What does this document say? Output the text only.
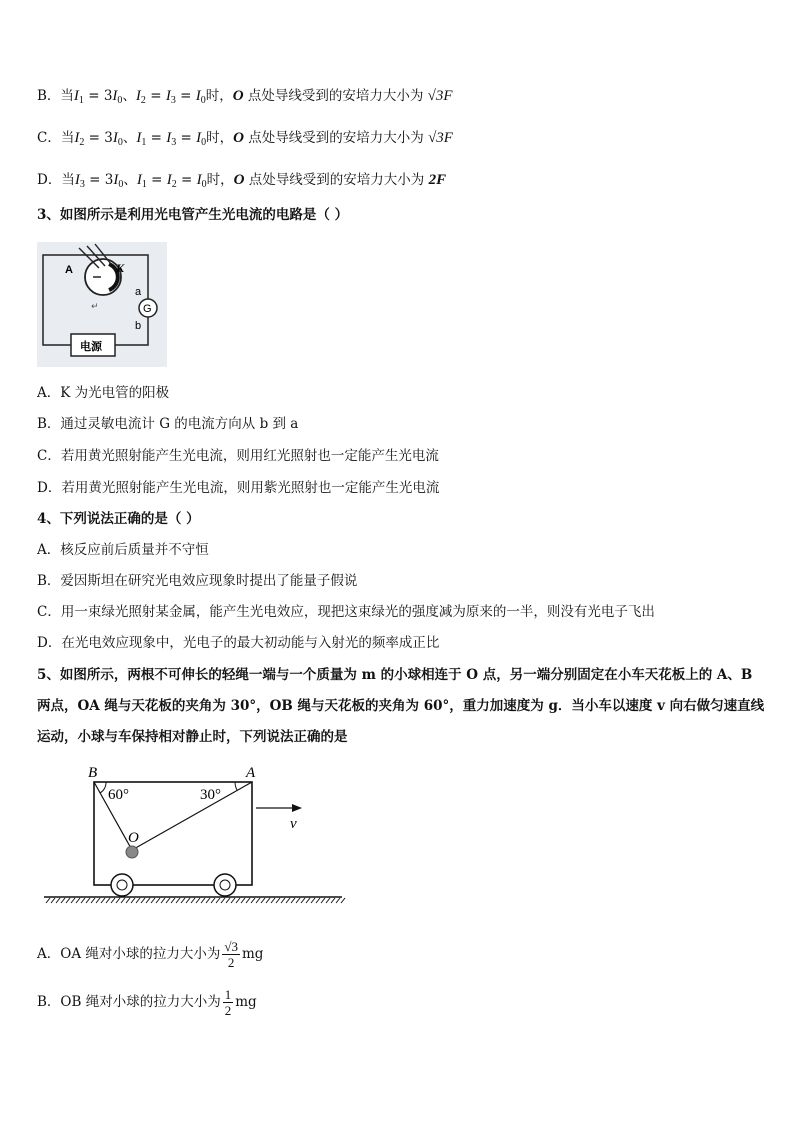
B．当$I_1 = 3I_0$、$I_2 = I_3 = I_0$时，O 点处导线受到的安培力大小为 √3F
C．当$I_2 = 3I_0$、$I_1 = I_3 = I_0$时，O 点处导线受到的安培力大小为 √3F
D．当$I_3 = 3I_0$、$I_1 = I_2 = I_0$时，O 点处导线受到的安培力大小为 2F
3、如图所示是利用光电管产生光电流的电路是（ ）
A	K
G
a
b
↵
电源
A．K 为光电管的阳极
B．通过灵敏电流计 G 的电流方向从 b 到 a
C．若用黄光照射能产生光电流，则用红光照射也一定能产生光电流
D．若用黄光照射能产生光电流，则用紫光照射也一定能产生光电流
4、下列说法正确的是（ ）
A．核反应前后质量并不守恒
B．爱因斯坦在研究光电效应现象时提出了能量子假说
C．用一束绿光照射某金属，能产生光电效应，现把这束绿光的强度减为原来的一半，则没有光电子飞出
D．在光电效应现象中，光电子的最大初动能与入射光的频率成正比
5、如图所示，两根不可伸长的轻绳一端与一个质量为 m 的小球相连于 O 点，另一端分别固定在小车天花板上的 A、B
两点，OA 绳与天花板的夹角为 30°，OB 绳与天花板的夹角为 60°，重力加速度为 g．当小车以速度 v 向右做匀速直线
运动，小球与车保持相对静止时，下列说法正确的是
B	A
60°	30°
O
v
A．OA 绳对小球的拉力大小为 $\frac{√3}{2}$ mg
B．OB 绳对小球的拉力大小为 $\frac{1}{2}$ mg
